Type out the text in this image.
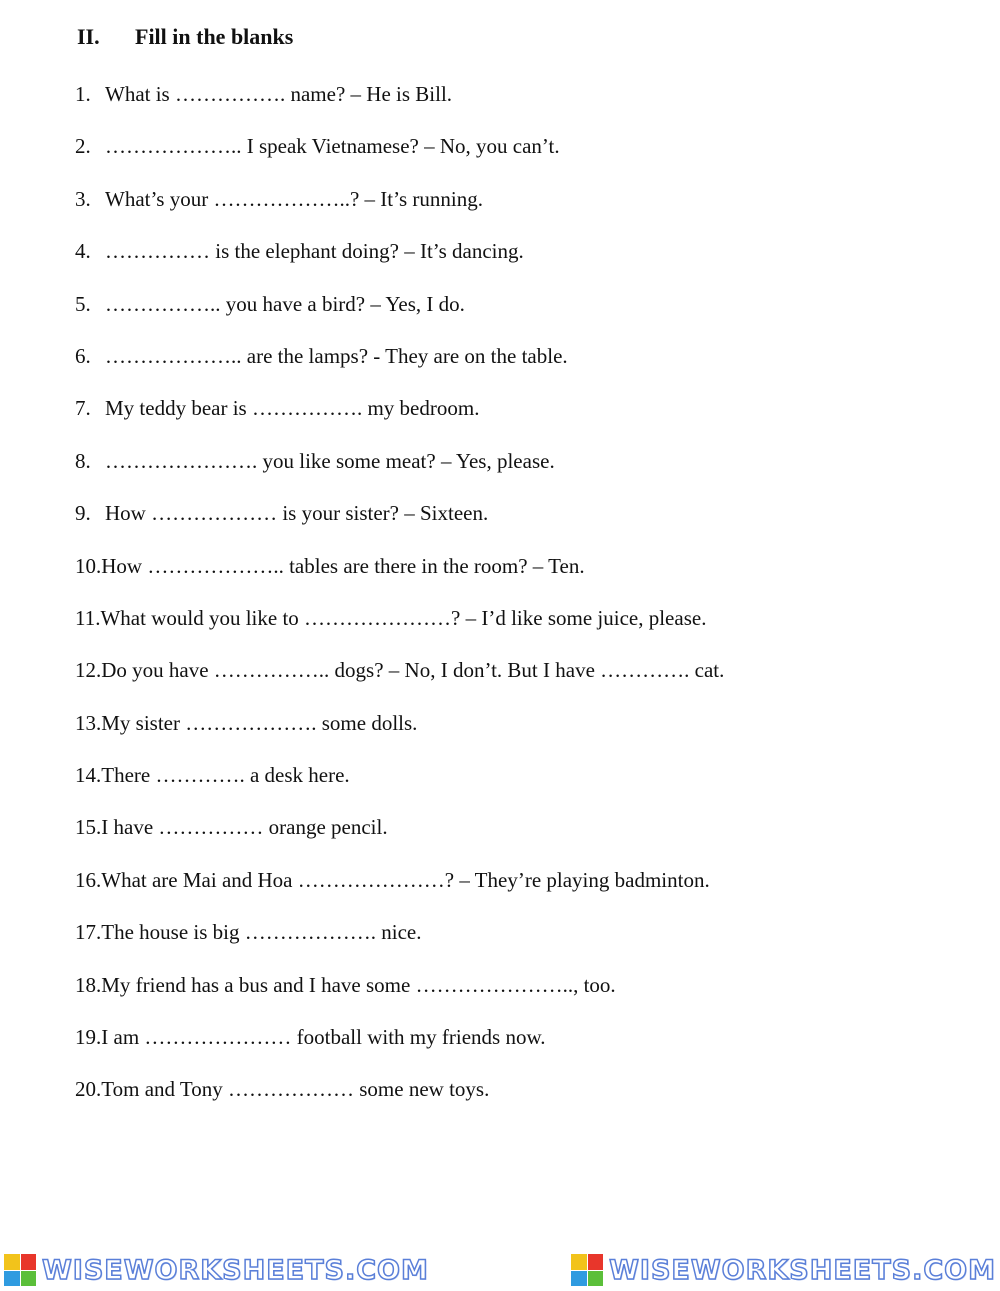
II. Fill in the blanks
1. What is ……………. name? – He is Bill.
2. ……………….. I speak Vietnamese? – No, you can’t.
3. What’s your ………………..? – It’s running.
4. …………… is the elephant doing? – It’s dancing.
5. …………….. you have a bird? – Yes, I do.
6. ……………….. are the lamps? - They are on the table.
7. My teddy bear is ……………. my bedroom.
8. …………………. you like some meat? – Yes, please.
9. How ……………… is your sister? – Sixteen.
10. How ……………….. tables are there in the room? – Ten.
11. What would you like to …………………? – I’d like some juice, please.
12. Do you have …………….. dogs? – No, I don’t. But I have …………. cat.
13. My sister ………………. some dolls.
14. There …………. a desk here.
15. I have …………… orange pencil.
16. What are Mai and Hoa …………………? – They’re playing badminton.
17. The house is big ………………. nice.
18. My friend has a bus and I have some ………………….., too.
19. I am ………………… football with my friends now.
20. Tom and Tony ……………… some new toys.
WISEWORKSHEETS.COM	WISEWORKSHEETS.COM
